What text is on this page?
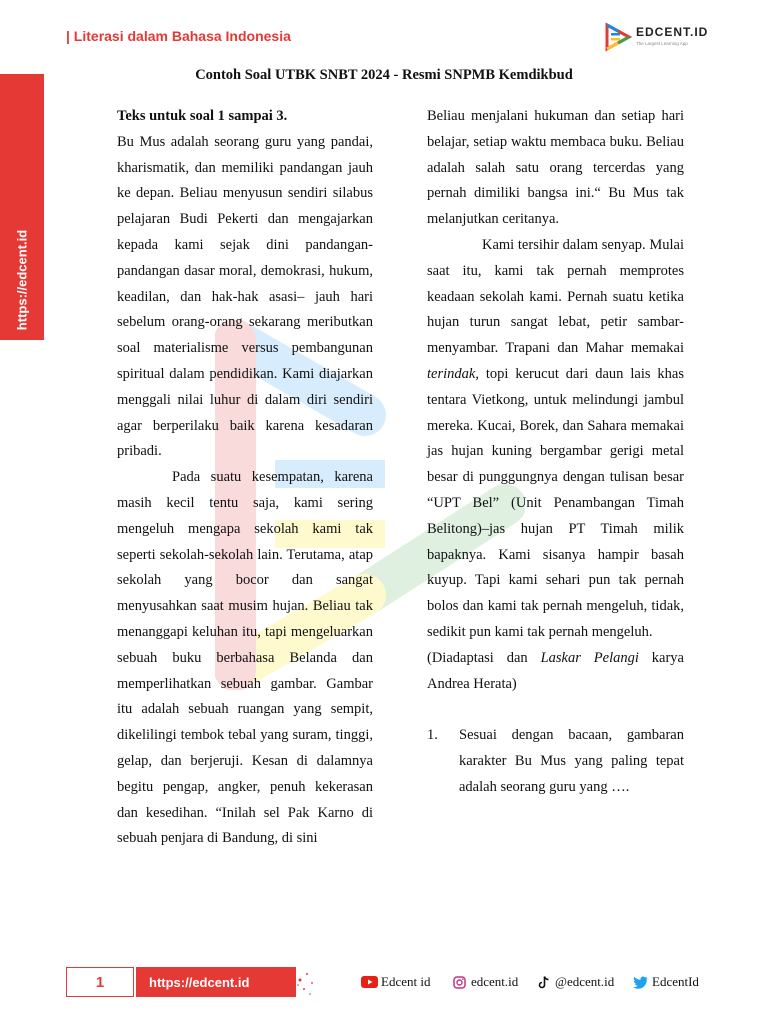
| Literasi dalam Bahasa Indonesia	EDCENT.ID
The Largest Learning App
https://edcent.id
Contoh Soal UTBK SNBT 2024 - Resmi SNPMB Kemdikbud

Teks untuk soal 1 sampai 3.

Bu Mus adalah seorang guru yang pandai, kharismatik, dan memiliki pandangan jauh ke depan. Beliau menyusun sendiri silabus pelajaran Budi Pekerti dan mengajarkan kepada kami sejak dini pandangan-pandangan dasar moral, demokrasi, hukum, keadilan, dan hak-hak asasi– jauh hari sebelum orang-orang sekarang meributkan soal materialisme versus pembangunan spiritual dalam pendidikan. Kami diajarkan menggali nilai luhur di dalam diri sendiri agar berperilaku baik karena kesadaran pribadi.

Pada suatu kesempatan, karena masih kecil tentu saja, kami sering mengeluh mengapa sekolah kami tak seperti sekolah-sekolah lain. Terutama, atap sekolah yang bocor dan sangat menyusahkan saat musim hujan. Beliau tak menanggapi keluhan itu, tapi mengeluarkan sebuah buku berbahasa Belanda dan memperlihatkan sebuah gambar. Gambar itu adalah sebuah ruangan yang sempit, dikelilingi tembok tebal yang suram, tinggi, gelap, dan berjeruji. Kesan di dalamnya begitu pengap, angker, penuh kekerasan dan kesedihan. “Inilah sel Pak Karno di sebuah penjara di Bandung, di sini

Beliau menjalani hukuman dan setiap hari belajar, setiap waktu membaca buku. Beliau adalah salah satu orang tercerdas yang pernah dimiliki bangsa ini.“ Bu Mus tak melanjutkan ceritanya.

Kami tersihir dalam senyap. Mulai saat itu, kami tak pernah memprotes keadaan sekolah kami. Pernah suatu ketika hujan turun sangat lebat, petir sambar-menyambar. Trapani dan Mahar memakai terindak, topi kerucut dari daun lais khas tentara Vietkong, untuk melindungi jambul mereka. Kucai, Borek, dan Sahara memakai jas hujan kuning bergambar gerigi metal besar di punggungnya dengan tulisan besar “UPT Bel” (Unit Penambangan Timah Belitong)–jas hujan PT Timah milik bapaknya. Kami sisanya hampir basah kuyup. Tapi kami sehari pun tak pernah bolos dan kami tak pernah mengeluh, tidak, sedikit pun kami tak pernah mengeluh.

(Diadaptasi dan Laskar Pelangi karya Andrea Herata)

1.	Sesuai dengan bacaan, gambaran karakter Bu Mus yang paling tepat adalah seorang guru yang ….
1	https://edcent.id	Edcent id	edcent.id	@edcent.id	EdcentId
